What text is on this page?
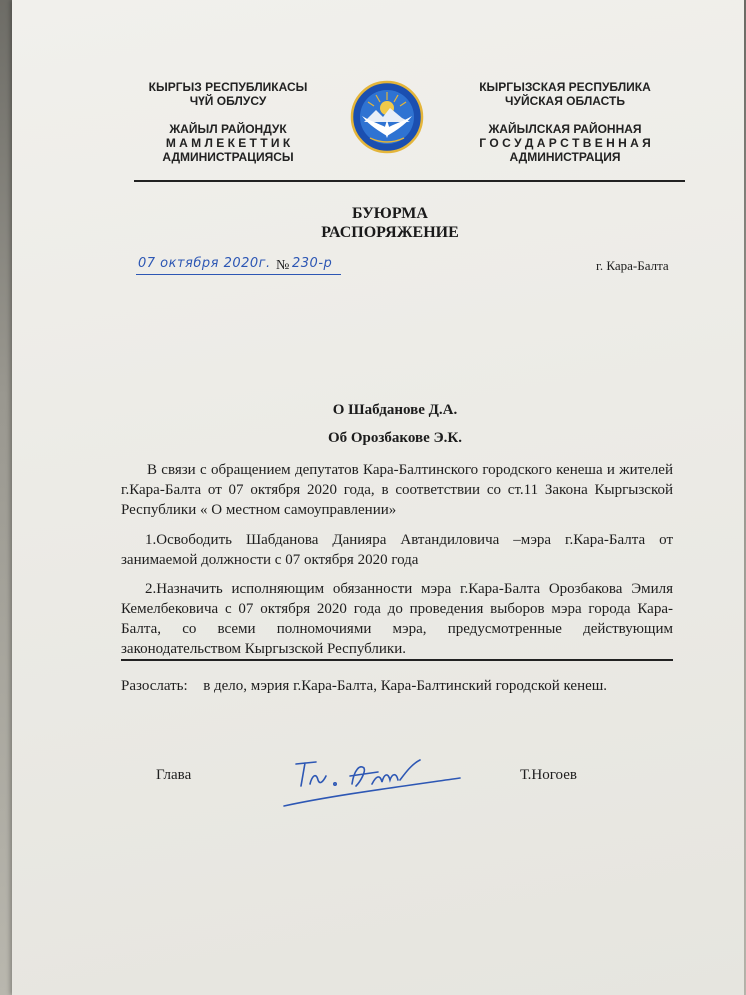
КЫРГЫЗ РЕСПУБЛИКАСЫ
ЧҮЙ ОБЛУСУ
ЖАЙЫЛ РАЙОНДУК
М А М Л Е К Е Т Т И К
АДМИНИСТРАЦИЯСЫ
КЫРГЫЗСКАЯ РЕСПУБЛИКА
ЧУЙСКАЯ ОБЛАСТЬ
ЖАЙЫЛСКАЯ РАЙОННАЯ
Г О С У Д А Р С Т В Е Н Н А Я
АДМИНИСТРАЦИЯ
БУЮРМА
РАСПОРЯЖЕНИЕ
07 октября 2020г. № 230-р	г. Кара-Балта
О Шабданове Д.А.
Об Орозбакове Э.К.
В связи с обращением депутатов Кара-Балтинского городского кенеша и жителей г.Кара-Балта от 07 октября 2020 года, в соответствии со ст.11 Закона Кыргызской Республики « О местном самоуправлении»
1.Освободить Шабданова Данияра Автандиловича –мэра г.Кара-Балта от занимаемой должности с 07 октября 2020 года
2.Назначить исполняющим обязанности мэра г.Кара-Балта Орозбакова Эмиля Кемелбековича с 07 октября 2020 года до проведения выборов мэра города Кара-Балта, со всеми полномочиями мэра, предусмотренные действующим законодательством Кыргызской Республики.
Разослать: в дело, мэрия г.Кара-Балта, Кара-Балтинский городской кенеш.
Глава	Т.Ногоев
